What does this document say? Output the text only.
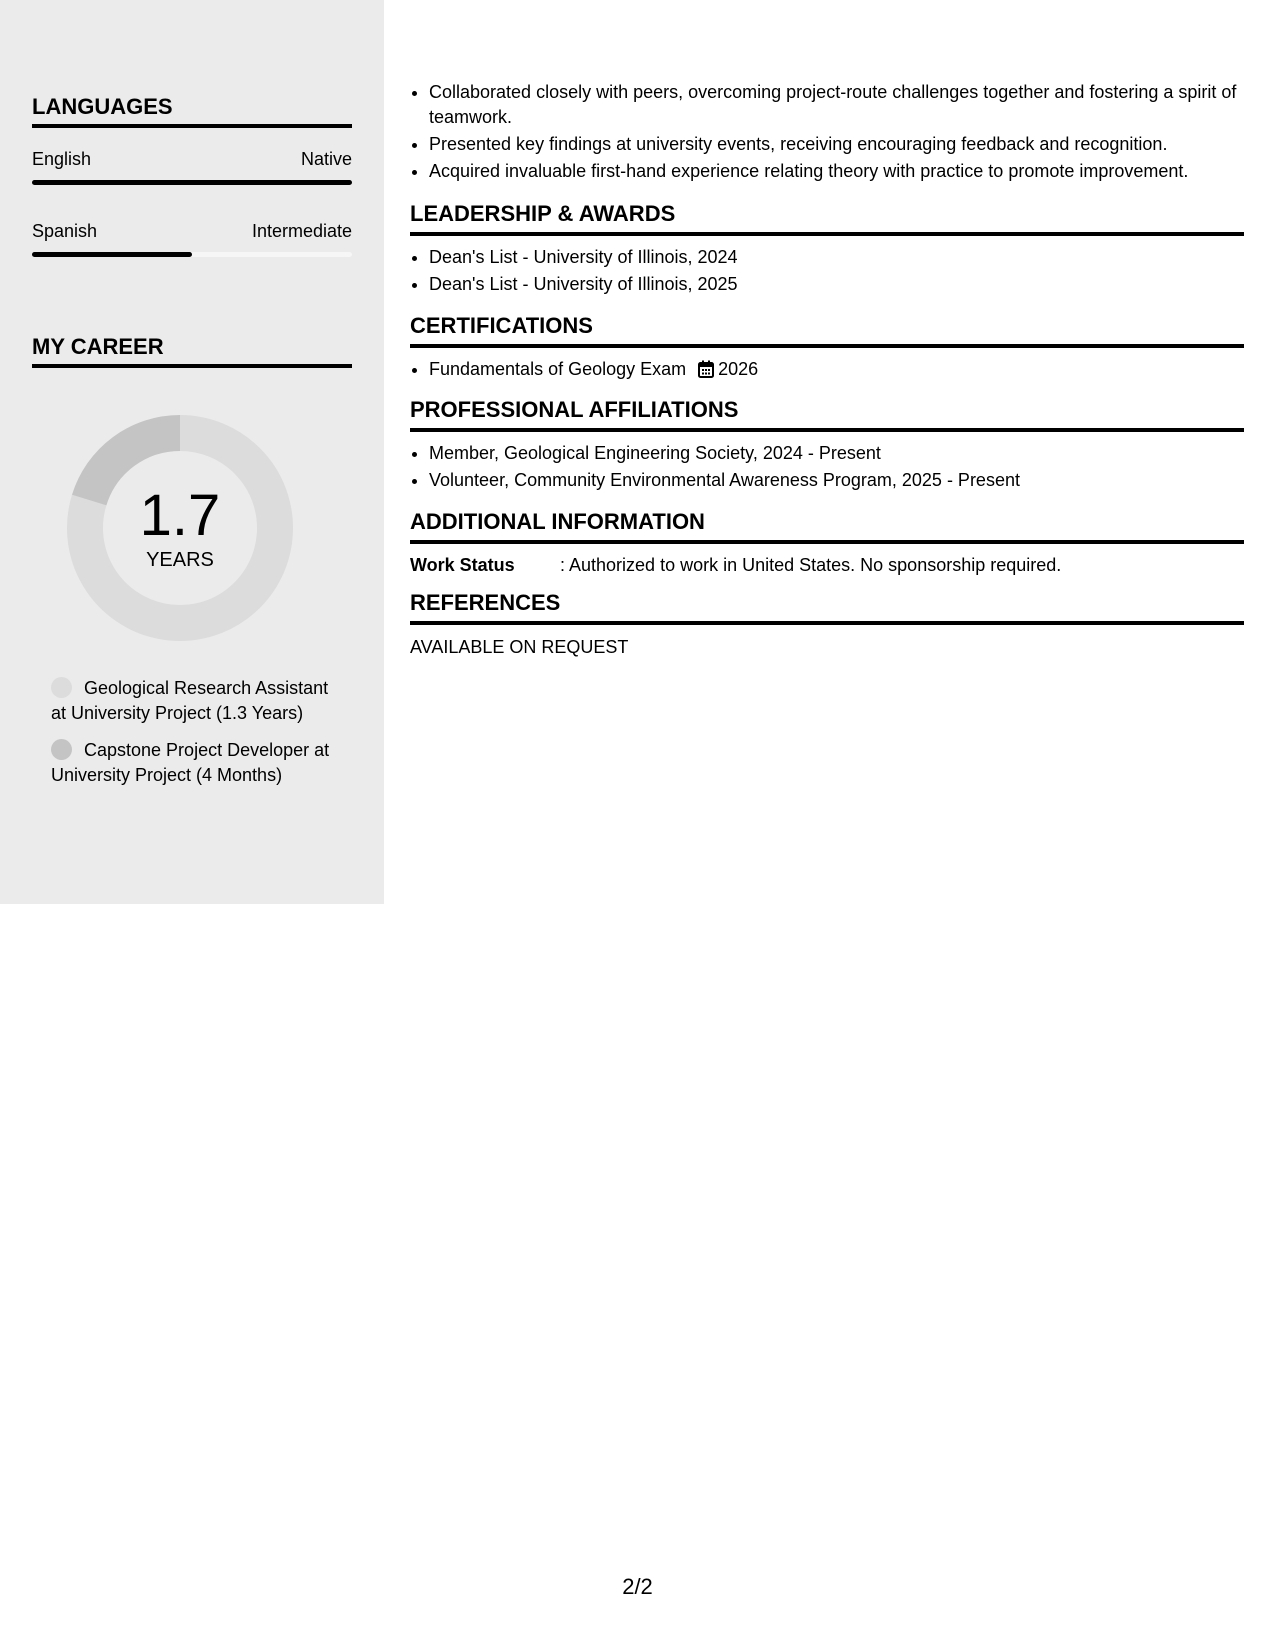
LANGUAGES
English	Native
Spanish	Intermediate
MY CAREER
1.7
YEARS
Geological Research Assistant at University Project (1.3 Years)
Capstone Project Developer at University Project (4 Months)
• Collaborated closely with peers, overcoming project-route challenges together and fostering a spirit of teamwork.
• Presented key findings at university events, receiving encouraging feedback and recognition.
• Acquired invaluable first-hand experience relating theory with practice to promote improvement.
LEADERSHIP & AWARDS
• Dean's List - University of Illinois, 2024
• Dean's List - University of Illinois, 2025
CERTIFICATIONS
• Fundamentals of Geology Exam 2026
PROFESSIONAL AFFILIATIONS
• Member, Geological Engineering Society, 2024 - Present
• Volunteer, Community Environmental Awareness Program, 2025 - Present
ADDITIONAL INFORMATION
Work Status	: Authorized to work in United States. No sponsorship required.
REFERENCES
AVAILABLE ON REQUEST
2/2
